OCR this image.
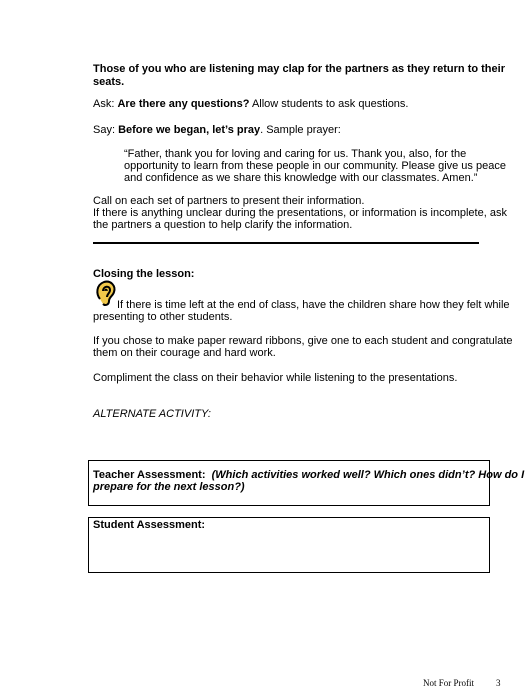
Those of you who are listening may clap for the partners as they return to their

seats.

Ask: Are there any questions? Allow students to ask questions.

Say: Before we began, let’s pray. Sample prayer:

“Father, thank you for loving and caring for us. Thank you, also, for the

opportunity to learn from these people in our community. Please give us peace

and confidence as we share this knowledge with our classmates. Amen.”

Call on each set of partners to present their information.

If there is anything unclear during the presentations, or information is incomplete, ask

the partners a question to help clarify the information.

Closing the lesson:

If there is time left at the end of class, have the children share how they felt while

presenting to other students.

If you chose to make paper reward ribbons, give one to each student and congratulate

them on their courage and hard work.

Compliment the class on their behavior while listening to the presentations.

ALTERNATE ACTIVITY:

Teacher Assessment: (Which activities worked well? Which ones didn’t? How do I

prepare for the next lesson?)

Student Assessment:

Not For Profit 3
